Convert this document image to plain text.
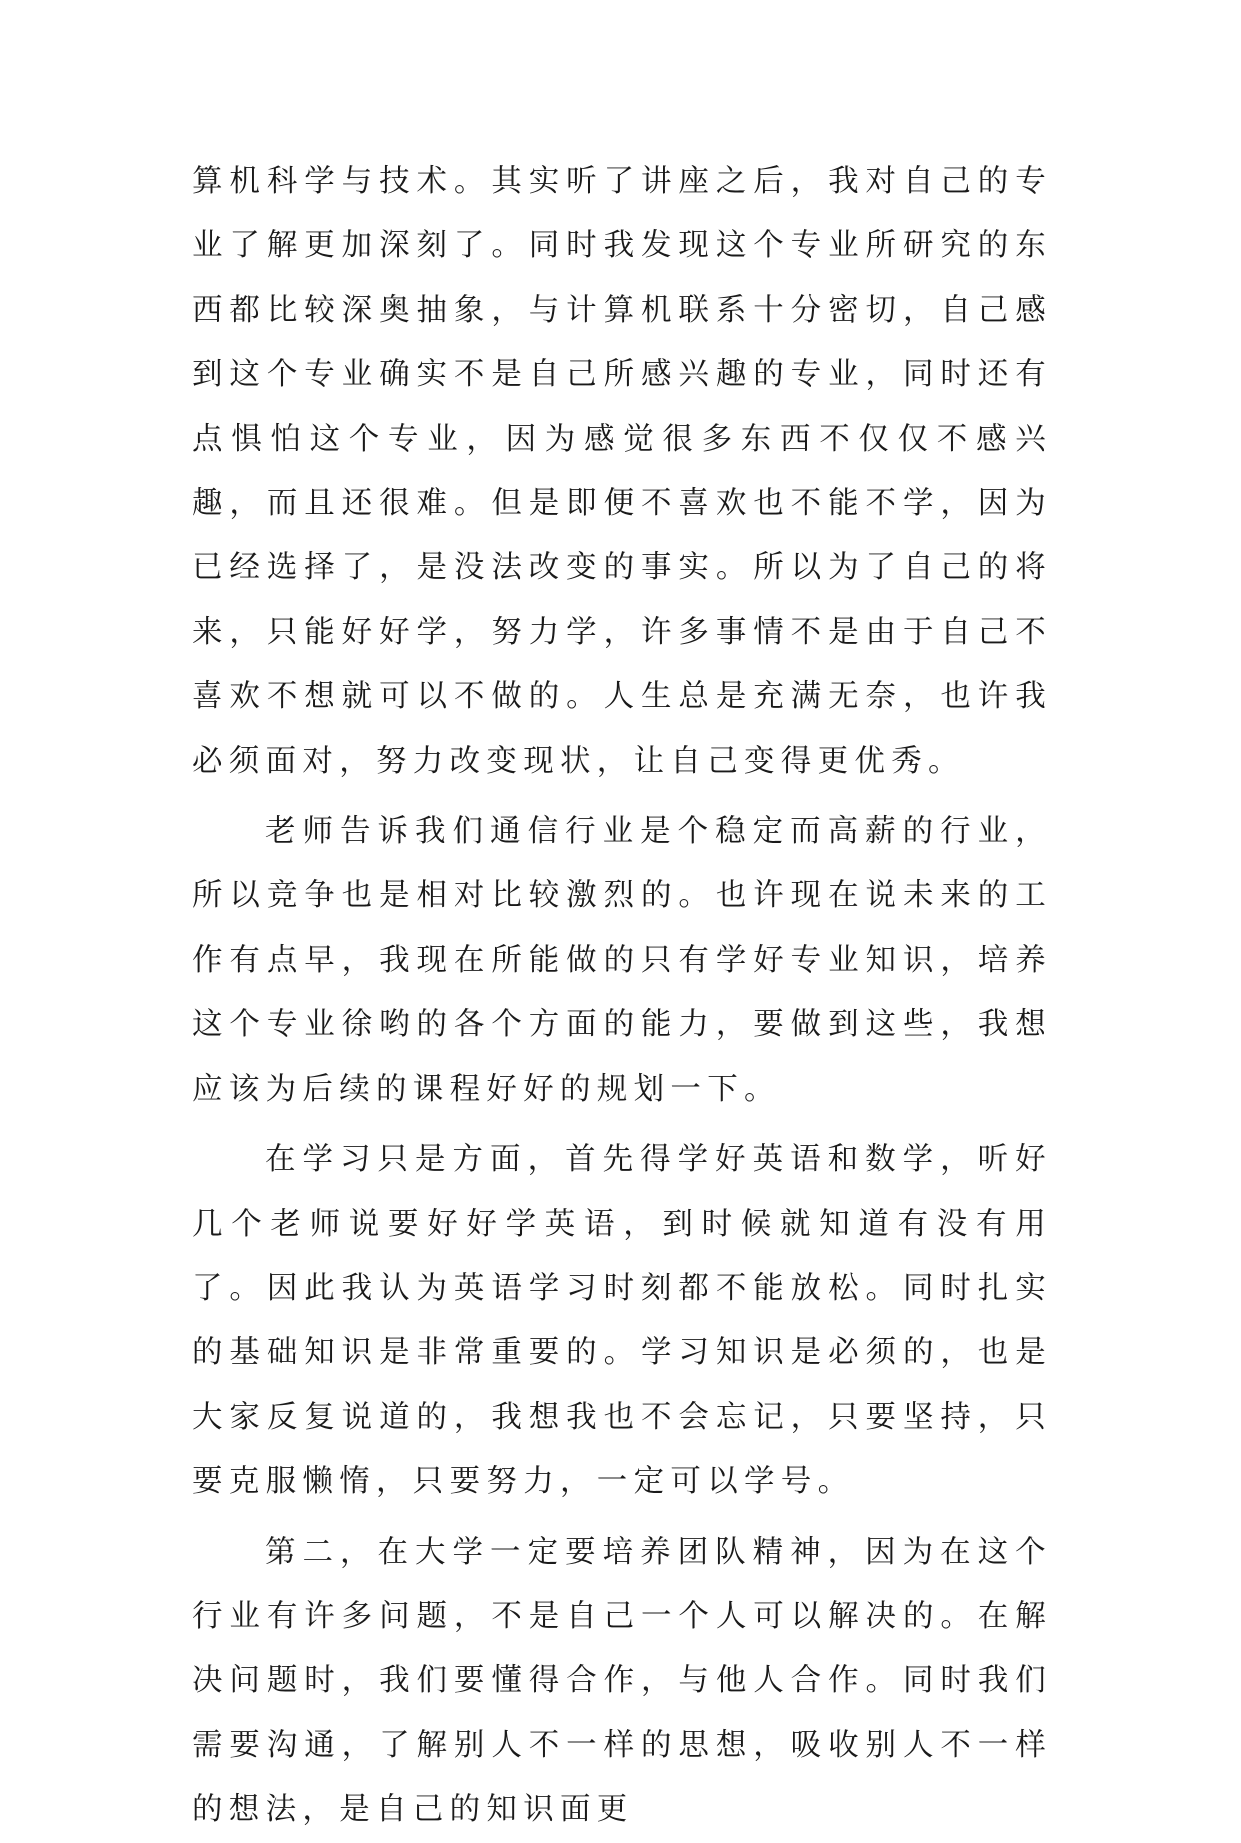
算机科学与技术。其实听了讲座之后，我对自己的专业了解更加深刻了。同时我发现这个专业所研究的东西都比较深奥抽象，与计算机联系十分密切，自己感到这个专业确实不是自己所感兴趣的专业，同时还有点惧怕这个专业，因为感觉很多东西不仅仅不感兴趣，而且还很难。但是即便不喜欢也不能不学，因为已经选择了，是没法改变的事实。所以为了自己的将来，只能好好学，努力学，许多事情不是由于自己不喜欢不想就可以不做的。人生总是充满无奈，也许我必须面对，努力改变现状，让自己变得更优秀。

老师告诉我们通信行业是个稳定而高薪的行业，所以竞争也是相对比较激烈的。也许现在说未来的工作有点早，我现在所能做的只有学好专业知识，培养这个专业徐哟的各个方面的能力，要做到这些，我想应该为后续的课程好好的规划一下。

在学习只是方面，首先得学好英语和数学，听好几个老师说要好好学英语，到时候就知道有没有用了。因此我认为英语学习时刻都不能放松。同时扎实的基础知识是非常重要的。学习知识是必须的，也是大家反复说道的，我想我也不会忘记，只要坚持，只要克服懒惰，只要努力，一定可以学号。

第二，在大学一定要培养团队精神，因为在这个行业有许多问题，不是自己一个人可以解决的。在解决问题时，我们要懂得合作，与他人合作。同时我们需要沟通，了解别人不一样的思想，吸收别人不一样的想法，是自己的知识面更
